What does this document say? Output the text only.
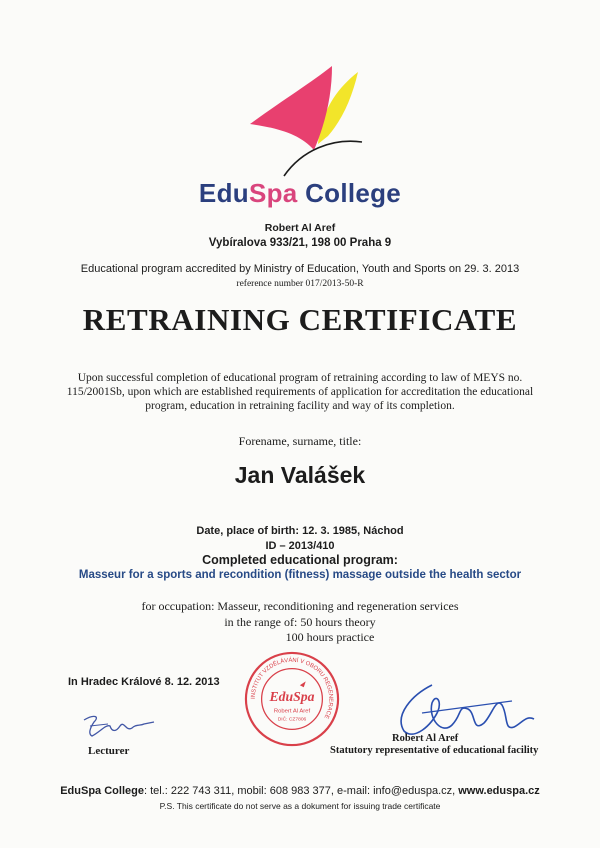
EduSpa College
Robert Al Aref
Vybíralova 933/21, 198 00 Praha 9
Educational program accredited by Ministry of Education, Youth and Sports on 29. 3. 2013
reference number 017/2013-50-R
RETRAINING CERTIFICATE
Upon successful completion of educational program of retraining according to law of MEYS no. 115/2001Sb, upon which are established requirements of application for accreditation the educational program, education in retraining facility and way of its completion.
Forename, surname, title:
Jan Valášek
Date, place of birth: 12. 3. 1985, Náchod
ID – 2013/410
Completed educational program:
Masseur for a sports and recondition (fitness) massage outside the health sector
for occupation: Masseur, reconditioning and regeneration services
in the range of: 50 hours theory
100 hours practice
In Hradec Králové 8. 12. 2013
INSTITUT VZDĚLÁVÁNÍ V OBORU REGENERACE
EduSpa
Robert Al Aref
DIČ: CZ7806
Lecturer
Robert Al Aref
Statutory representative of educational facility
EduSpa College: tel.: 222 743 311, mobil: 608 983 377, e-mail: info@eduspa.cz, www.eduspa.cz
P.S. This certificate do not serve as a dokument for issuing trade certificate
